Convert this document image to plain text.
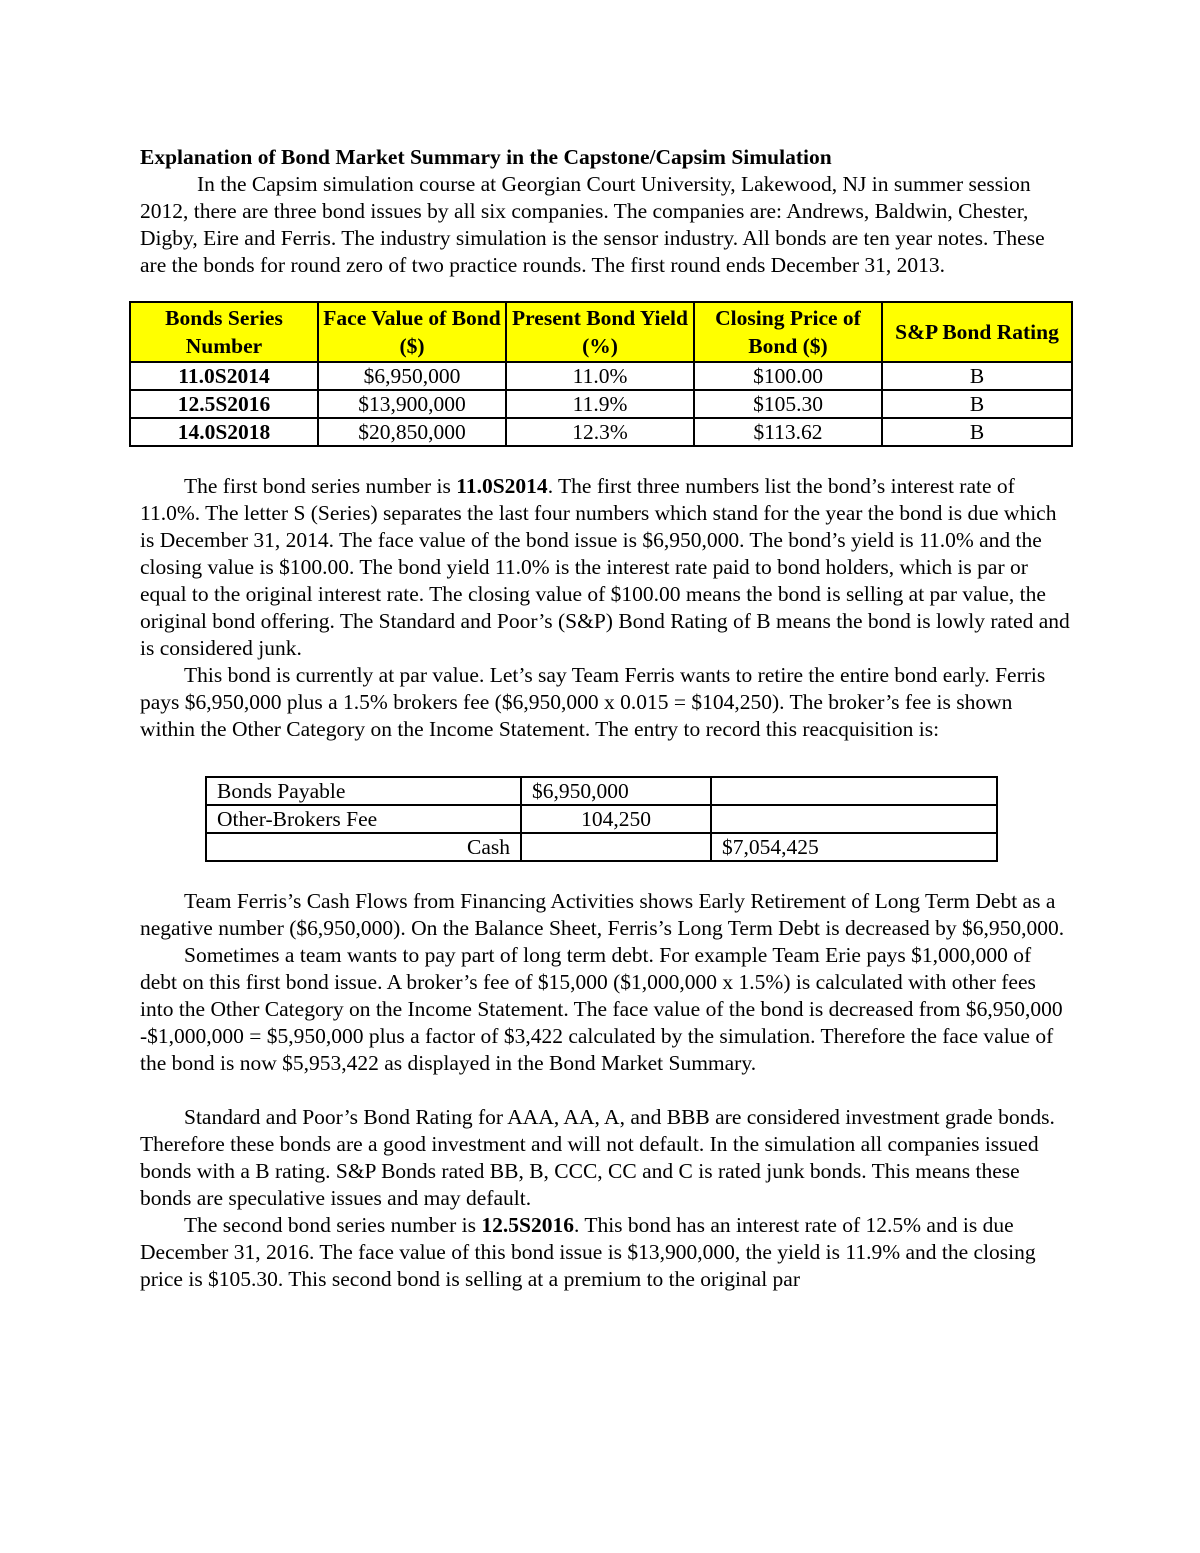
Explanation of Bond Market Summary in the Capstone/Capsim Simulation

In the Capsim simulation course at Georgian Court University, Lakewood, NJ in summer session 2012, there are three bond issues by all six companies. The companies are: Andrews, Baldwin, Chester, Digby, Eire and Ferris. The industry simulation is the sensor industry. All bonds are ten year notes. These are the bonds for round zero of two practice rounds. The first round ends December 31, 2013.

Bonds Series Number	Face Value of Bond ($)	Present Bond Yield (%)	Closing Price of Bond ($)	S&P Bond Rating
11.0S2014	$6,950,000	11.0%	$100.00	B
12.5S2016	$13,900,000	11.9%	$105.30	B
14.0S2018	$20,850,000	12.3%	$113.62	B

The first bond series number is 11.0S2014. The first three numbers list the bond’s interest rate of 11.0%. The letter S (Series) separates the last four numbers which stand for the year the bond is due which is December 31, 2014. The face value of the bond issue is $6,950,000. The bond’s yield is 11.0% and the closing value is $100.00. The bond yield 11.0% is the interest rate paid to bond holders, which is par or equal to the original interest rate. The closing value of $100.00 means the bond is selling at par value, the original bond offering. The Standard and Poor’s (S&P) Bond Rating of B means the bond is lowly rated and is considered junk.

This bond is currently at par value. Let’s say Team Ferris wants to retire the entire bond early. Ferris pays $6,950,000 plus a 1.5% brokers fee ($6,950,000 x 0.015 = $104,250). The broker’s fee is shown within the Other Category on the Income Statement. The entry to record this reacquisition is:

Bonds Payable	$6,950,000	
Other-Brokers Fee	104,250	
Cash		$7,054,425

Team Ferris’s Cash Flows from Financing Activities shows Early Retirement of Long Term Debt as a negative number ($6,950,000). On the Balance Sheet, Ferris’s Long Term Debt is decreased by $6,950,000.

Sometimes a team wants to pay part of long term debt. For example Team Erie pays $1,000,000 of debt on this first bond issue. A broker’s fee of $15,000 ($1,000,000 x 1.5%) is calculated with other fees into the Other Category on the Income Statement. The face value of the bond is decreased from $6,950,000 -$1,000,000 = $5,950,000 plus a factor of $3,422 calculated by the simulation. Therefore the face value of the bond is now $5,953,422 as displayed in the Bond Market Summary.

Standard and Poor’s Bond Rating for AAA, AA, A, and BBB are considered investment grade bonds. Therefore these bonds are a good investment and will not default. In the simulation all companies issued bonds with a B rating. S&P Bonds rated BB, B, CCC, CC and C is rated junk bonds. This means these bonds are speculative issues and may default.

The second bond series number is 12.5S2016. This bond has an interest rate of 12.5% and is due December 31, 2016. The face value of this bond issue is $13,900,000, the yield is 11.9% and the closing price is $105.30. This second bond is selling at a premium to the original par
